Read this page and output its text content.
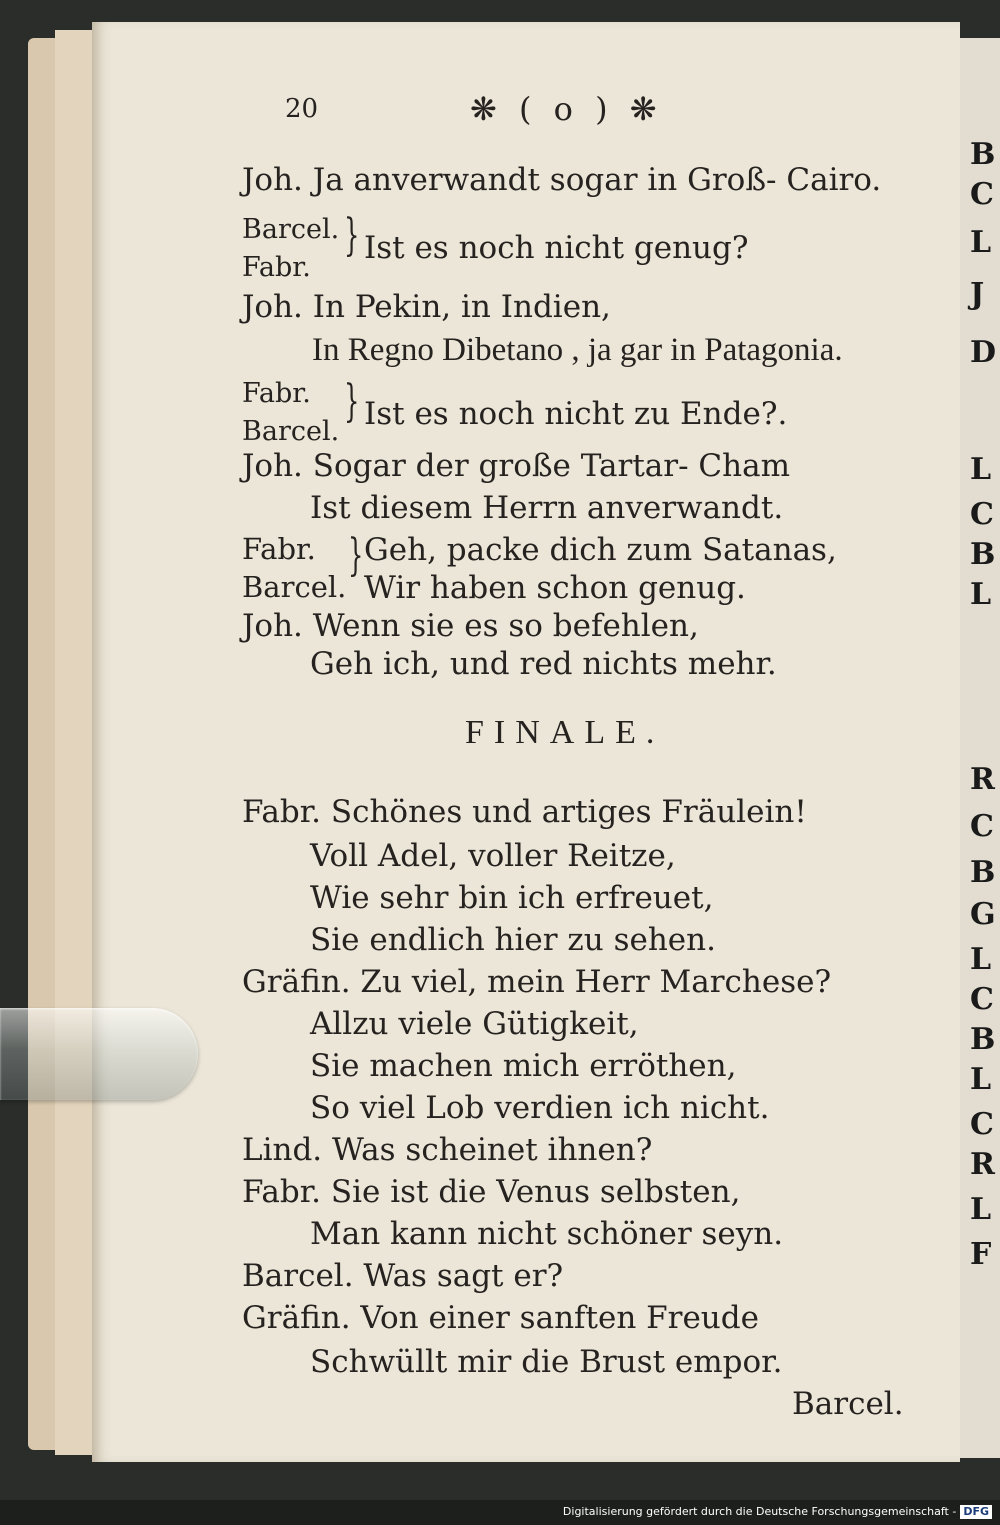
20	❋ ( o ) ❋
Joh. Ja anverwandt sogar in Groß- Cairo.
Barcel. } Ist es noch nicht genug?
Fabr.
Joh. In Pekin, in Indien,
In Regno Dibetano , ja gar in Patagonia.
Fabr. } Ist es noch nicht zu Ende?.
Barcel.
Joh. Sogar der große Tartar- Cham
Ist diesem Herrn anverwandt.
Fabr. } Geh, packe dich zum Satanas,
Barcel. Wir haben schon genug.
Joh. Wenn sie es so befehlen,
Geh ich, und red nichts mehr.
FINALE.
Fabr. Schönes und artiges Fräulein!
Voll Adel, voller Reitze,
Wie sehr bin ich erfreuet,
Sie endlich hier zu sehen.
Gräfin. Zu viel, mein Herr Marchese?
Allzu viele Gütigkeit,
Sie machen mich erröthen,
So viel Lob verdien ich nicht.
Lind. Was scheinet ihnen?
Fabr. Sie ist die Venus selbsten,
Man kann nicht schöner seyn.
Barcel. Was sagt er?
Gräfin. Von einer sanften Freude
Schwüllt mir die Brust empor.
Barcel.
B
C
L
J
D
L
C
B
L
R
C
B
G
L
C
B
L
C
R
L
F
Digitalisierung gefördert durch die Deutsche Forschungsgemeinschaft - DFG
